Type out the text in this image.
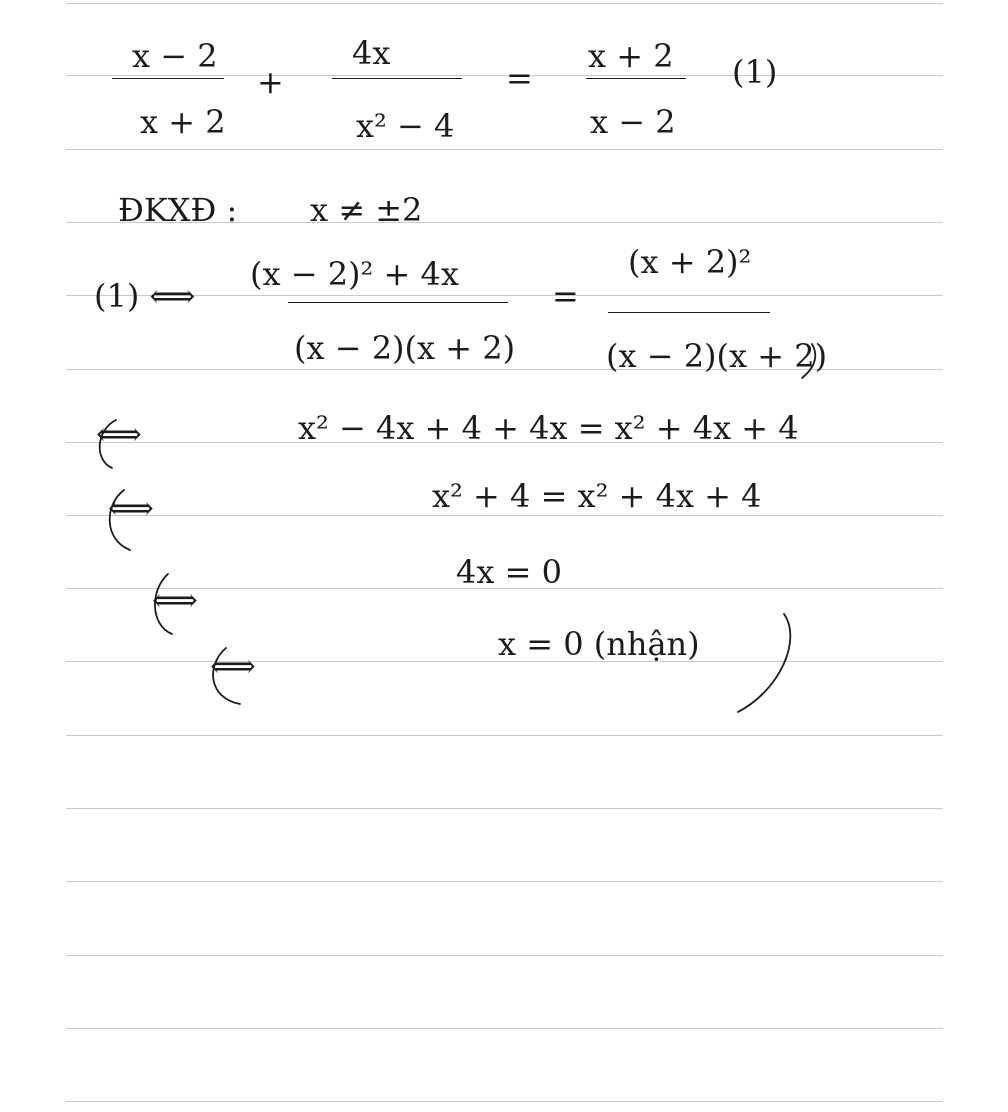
x − 2
x + 2
+
4x
x² − 4
=
x + 2
x − 2
(1)
ĐKXĐ : x ≠ ±2
(1) ⟺
(x − 2)² + 4x
(x − 2)(x + 2)
=
(x + 2)²
(x − 2)(x + 2)
⟺	x² − 4x + 4 + 4x = x² + 4x + 4
⟺	x² + 4 = x² + 4x + 4
⟺
4x = 0
⟺
x = 0 (nhận)
